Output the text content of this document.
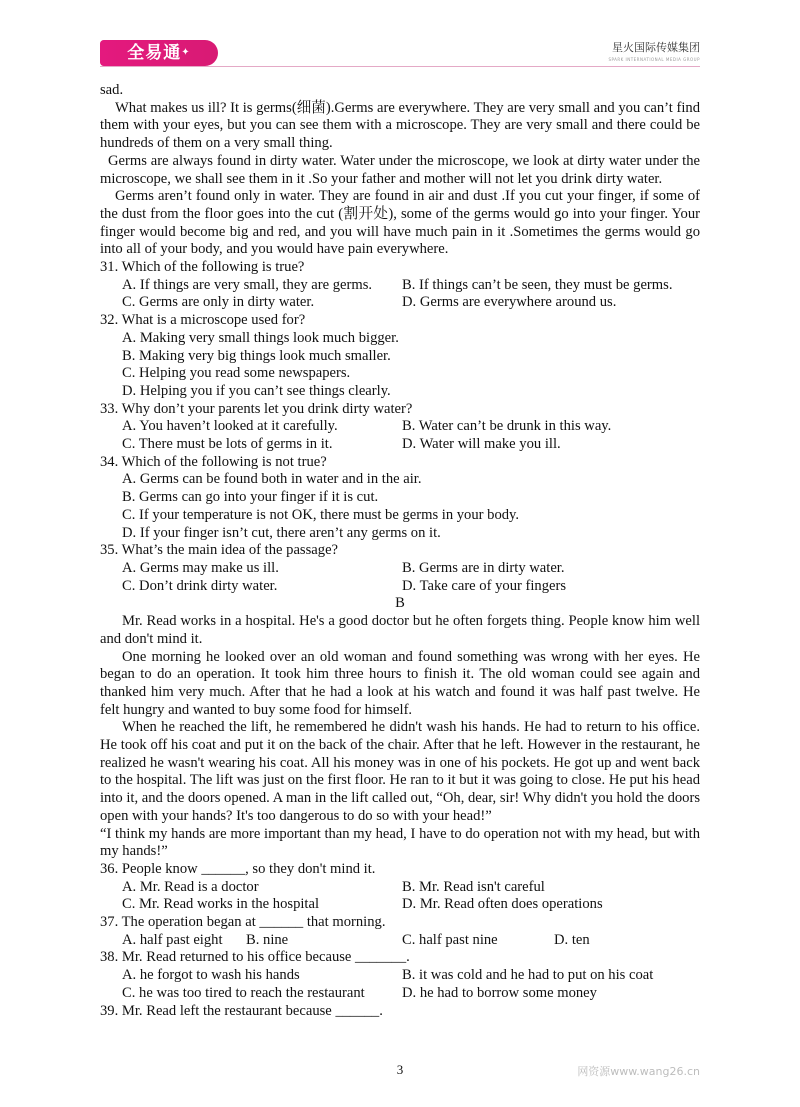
全易通✦	星火国际传媒集团
SPARK INTERNATIONAL MEDIA GROUP

sad.

What makes us ill? It is germs(细菌).Germs are everywhere. They are very small and you can’t find them with your eyes, but you can see them with a microscope. They are very small and there could be hundreds of them on a very small thing.

Germs are always found in dirty water. Water under the microscope, we look at dirty water under the microscope, we shall see them in it .So your father and mother will not let you drink dirty water.

Germs aren’t found only in water. They are found in air and dust .If you cut your finger, if some of the dust from the floor goes into the cut (割开处), some of the germs would go into your finger. Your finger would become big and red, and you will have much pain in it .Sometimes the germs would go into all of your body, and you would have pain everywhere.

31. Which of the following is true?

A. If things are very small, they are germs.	B. If things can’t be seen, they must be germs.
C. Germs are only in dirty water.	D. Germs are everywhere around us.

32. What is a microscope used for?

A. Making very small things look much bigger.

B. Making very big things look much smaller.

C. Helping you read some newspapers.

D. Helping you if you can’t see things clearly.

33. Why don’t your parents let you drink dirty water?

A. You haven’t looked at it carefully.	B. Water can’t be drunk in this way.
C. There must be lots of germs in it.	D. Water will make you ill.

34. Which of the following is not true?

A. Germs can be found both in water and in the air.

B. Germs can go into your finger if it is cut.

C. If your temperature is not OK, there must be germs in your body.

D. If your finger isn’t cut, there aren’t any germs on it.

35. What’s the main idea of the passage?

A. Germs may make us ill.	B. Germs are in dirty water.
C. Don’t drink dirty water.	D. Take care of your fingers

B

Mr. Read works in a hospital. He's a good doctor but he often forgets thing. People know him well and don't mind it.

One morning he looked over an old woman and found something was wrong with her eyes. He began to do an operation. It took him three hours to finish it. The old woman could see again and thanked him very much. After that he had a look at his watch and found it was half past twelve. He felt hungry and wanted to buy some food for himself.

When he reached the lift, he remembered he didn't wash his hands. He had to return to his office. He took off his coat and put it on the back of the chair. After that he left. However in the restaurant, he realized he wasn't wearing his coat. All his money was in one of his pockets. He got up and went back to the hospital. The lift was just on the first floor. He ran to it but it was going to close. He put his head into it, and the doors opened. A man in the lift called out, “Oh, dear, sir! Why didn't you hold the doors open with your hands? It's too dangerous to do so with your head!”

“I think my hands are more important than my head, I have to do operation not with my head, but with my hands!”

36. People know ______, so they don't mind it.

A. Mr. Read is a doctor	B. Mr. Read isn't careful
C. Mr. Read works in the hospital	D. Mr. Read often does operations

37. The operation began at ______ that morning.

A. half past eight	B. nine	C. half past nine	D. ten

38. Mr. Read returned to his office because _______.

A. he forgot to wash his hands	B. it was cold and he had to put on his coat
C. he was too tired to reach the restaurant	D. he had to borrow some money

39. Mr. Read left the restaurant because ______.

3	网资源www.wang26.cn
